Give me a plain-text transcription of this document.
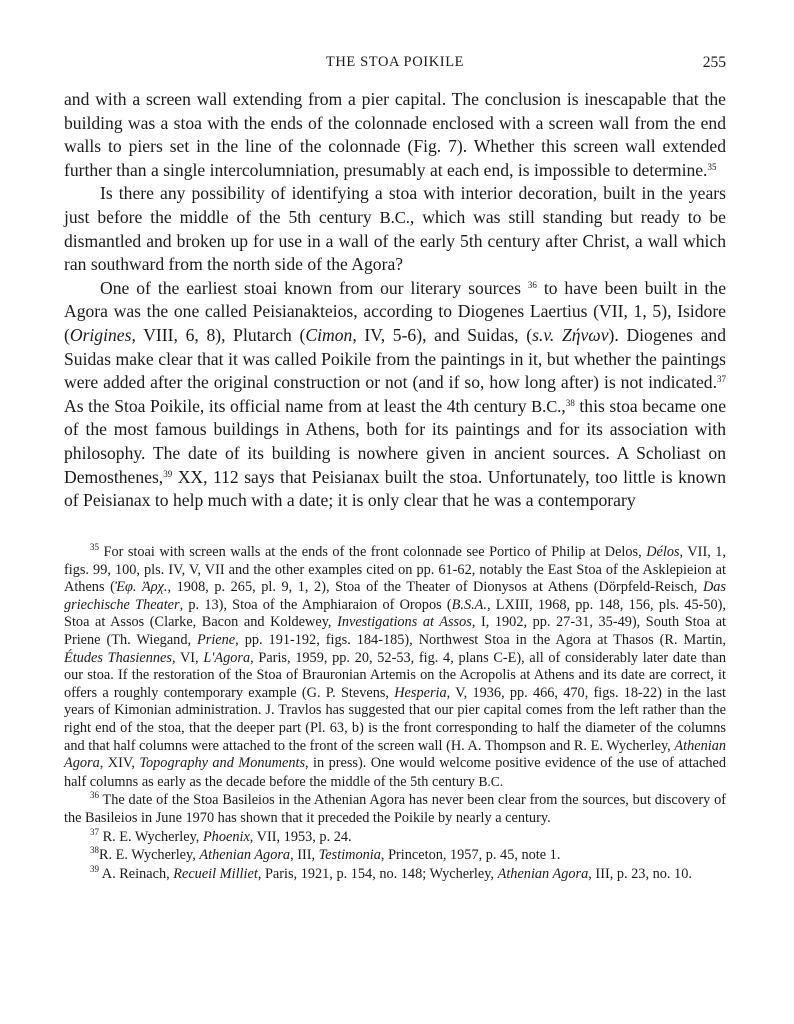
THE STOA POIKILE	255

and with a screen wall extending from a pier capital. The conclusion is inescapable that the building was a stoa with the ends of the colonnade enclosed with a screen wall from the end walls to piers set in the line of the colonnade (Fig. 7). Whether this screen wall extended further than a single intercolumniation, presumably at each end, is impossible to determine.$^{35}$

Is there any possibility of identifying a stoa with interior decoration, built in the years just before the middle of the 5th century B.C., which was still standing but ready to be dismantled and broken up for use in a wall of the early 5th century after Christ, a wall which ran southward from the north side of the Agora?

One of the earliest stoai known from our literary sources $^{36}$ to have been built in the Agora was the one called Peisianakteios, according to Diogenes Laertius (VII, 1, 5), Isidore (Origines, VIII, 6, 8), Plutarch (Cimon, IV, 5-6), and Suidas, (s.v. Ζήνων). Diogenes and Suidas make clear that it was called Poikile from the paintings in it, but whether the paintings were added after the original construction or not (and if so, how long after) is not indicated.$^{37}$ As the Stoa Poikile, its official name from at least the 4th century B.C.,$^{38}$ this stoa became one of the most famous buildings in Athens, both for its paintings and for its association with philosophy. The date of its building is nowhere given in ancient sources. A Scholiast on Demosthenes,$^{39}$ XX, 112 says that Peisianax built the stoa. Unfortunately, too little is known of Peisianax to help much with a date; it is only clear that he was a contemporary

$^{35}$ For stoai with screen walls at the ends of the front colonnade see Portico of Philip at Delos, Délos, VII, 1, figs. 99, 100, pls. IV, V, VII and the other examples cited on pp. 61-62, notably the East Stoa of the Asklepieion at Athens (Ἐφ. Ἀρχ., 1908, p. 265, pl. 9, 1, 2), Stoa of the Theater of Dionysos at Athens (Dörpfeld-Reisch, Das griechische Theater, p. 13), Stoa of the Amphiaraion of Oropos (B.S.A., LXIII, 1968, pp. 148, 156, pls. 45-50), Stoa at Assos (Clarke, Bacon and Koldewey, Investigations at Assos, I, 1902, pp. 27-31, 35-49), South Stoa at Priene (Th. Wiegand, Priene, pp. 191-192, figs. 184-185), Northwest Stoa in the Agora at Thasos (R. Martin, Études Thasiennes, VI, L'Agora, Paris, 1959, pp. 20, 52-53, fig. 4, plans C-E), all of considerably later date than our stoa. If the restoration of the Stoa of Brauronian Artemis on the Acropolis at Athens and its date are correct, it offers a roughly contemporary example (G. P. Stevens, Hesperia, V, 1936, pp. 466, 470, figs. 18-22) in the last years of Kimonian administration. J. Travlos has suggested that our pier capital comes from the left rather than the right end of the stoa, that the deeper part (Pl. 63, b) is the front corresponding to half the diameter of the columns and that half columns were attached to the front of the screen wall (H. A. Thompson and R. E. Wycherley, Athenian Agora, XIV, Topography and Monuments, in press). One would welcome positive evidence of the use of attached half columns as early as the decade before the middle of the 5th century B.C.

$^{36}$ The date of the Stoa Basileios in the Athenian Agora has never been clear from the sources, but discovery of the Basileios in June 1970 has shown that it preceded the Poikile by nearly a century.

$^{37}$ R. E. Wycherley, Phoenix, VII, 1953, p. 24.

$^{38}$R. E. Wycherley, Athenian Agora, III, Testimonia, Princeton, 1957, p. 45, note 1.

$^{39}$ A. Reinach, Recueil Milliet, Paris, 1921, p. 154, no. 148; Wycherley, Athenian Agora, III, p. 23, no. 10.
